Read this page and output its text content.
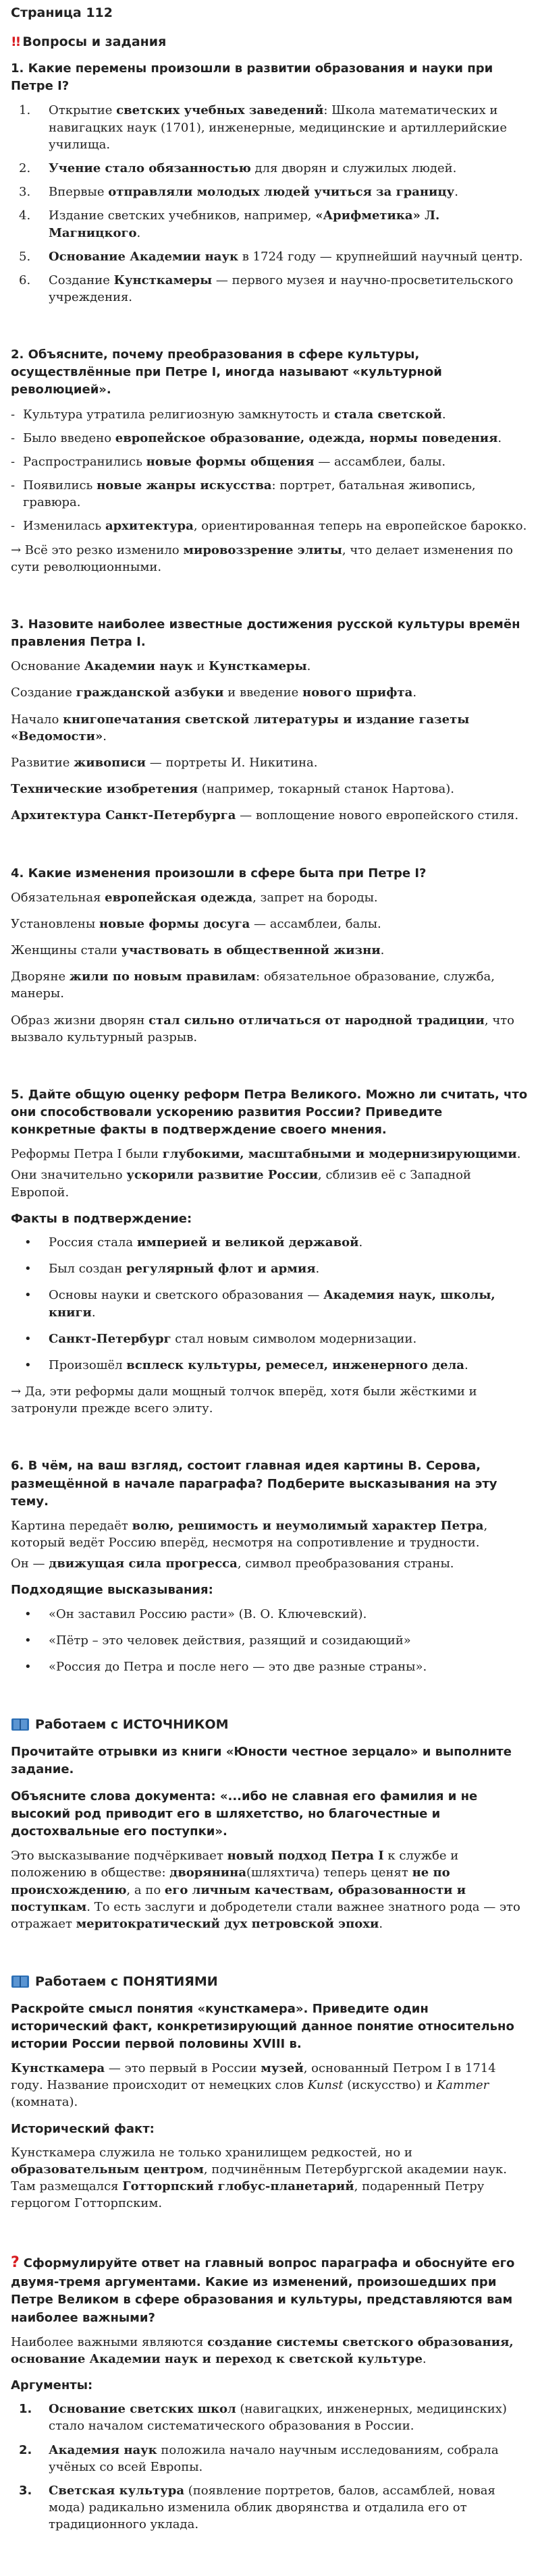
Страница 112
!! Вопросы и задания
1. Какие перемены произошли в развитии образования и науки при Петре I?
1.	Открытие светских учебных заведений: Школа математических и навигацких наук (1701), инженерные, медицинские и артиллерийские училища.
2.	Учение стало обязанностью для дворян и служилых людей.
3.	Впервые отправляли молодых людей учиться за границу.
4.	Издание светских учебников, например, «Арифметика» Л. Магницкого.
5.	Основание Академии наук в 1724 году — крупнейший научный центр.
6.	Создание Кунсткамеры — первого музея и научно-просветительского учреждения.
2. Объясните, почему преобразования в сфере культуры, осуществлённые при Петре I, иногда называют «культурной революцией».
- Культура утратила религиозную замкнутость и стала светской.
- Было введено европейское образование, одежда, нормы поведения.
- Распространились новые формы общения — ассамблеи, балы.
- Появились новые жанры искусства: портрет, батальная живопись, гравюра.
- Изменилась архитектура, ориентированная теперь на европейское барокко.

→ Всё это резко изменило мировоззрение элиты, что делает изменения по сути революционными.

3. Назовите наиболее известные достижения русской культуры времён правления Петра I.

Основание Академии наук и Кунсткамеры.

Создание гражданской азбуки и введение нового шрифта.

Начало книгопечатания светской литературы и издание газеты «Ведомости».

Развитие живописи — портреты И. Никитина.

Технические изобретения (например, токарный станок Нартова).

Архитектура Санкт-Петербурга — воплощение нового европейского стиля.

4. Какие изменения произошли в сфере быта при Петре I?

Обязательная европейская одежда, запрет на бороды.

Установлены новые формы досуга — ассамблеи, балы.

Женщины стали участвовать в общественной жизни.

Дворяне жили по новым правилам: обязательное образование, служба, манеры.

Образ жизни дворян стал сильно отличаться от народной традиции, что вызвало культурный разрыв.

5. Дайте общую оценку реформ Петра Великого. Можно ли считать, что они способствовали ускорению развития России? Приведите конкретные факты в подтверждение своего мнения.

Реформы Петра I были глубокими, масштабными и модернизирующими.

Они значительно ускорили развитие России, сблизив её с Западной Европой.

Факты в подтверждение:
•	Россия стала империей и великой державой.
•	Был создан регулярный флот и армия.
•	Основы науки и светского образования — Академия наук, школы, книги.
•	Санкт-Петербург стал новым символом модернизации.
•	Произошёл всплеск культуры, ремесел, инженерного дела.

→ Да, эти реформы дали мощный толчок вперёд, хотя были жёсткими и затронули прежде всего элиту.

6. В чём, на ваш взгляд, состоит главная идея картины В. Серова, размещённой в начале параграфа? Подберите высказывания на эту тему.

Картина передаёт волю, решимость и неумолимый характер Петра, который ведёт Россию вперёд, несмотря на сопротивление и трудности.

Он — движущая сила прогресса, символ преобразования страны.

Подходящие высказывания:
•	«Он заставил Россию расти» (В. О. Ключевский).
•	«Пётр – это человек действия, разящий и созидающий»
•	«Россия до Петра и после него — это две разные страны».
Работаем с ИСТОЧНИКОМ
Прочитайте отрывки из книги «Юности честное зерцало» и выполните задание.
Объясните слова документа: «...ибо не славная его фамилия и не высокий род приводит его в шляхетство, но благочестные и достохвальные его поступки».

Это высказывание подчёркивает новый подход Петра I к службе и положению в обществе: дворянина(шляхтича) теперь ценят не по происхождению, а по его личным качествам, образованности и поступкам. То есть заслуги и добродетели стали важнее знатного рода — это отражает меритократический дух петровской эпохи.

Работаем с ПОНЯТИЯМИ
Раскройте смысл понятия «кунсткамера». Приведите один исторический факт, конкретизирующий данное понятие относительно истории России первой половины XVIII в.

Кунсткамера — это первый в России музей, основанный Петром I в 1714 году. Название происходит от немецких слов Kunst (искусство) и Kammer (комната).

Исторический факт:

Кунсткамера служила не только хранилищем редкостей, но и образовательным центром, подчинённым Петербургской академии наук. Там размещался Готторпский глобус-планетарий, подаренный Петру герцогом Готторпским.

? Сформулируйте ответ на главный вопрос параграфа и обоснуйте его двумя-тремя аргументами. Какие из изменений, произошедших при Петре Великом в сфере образования и культуры, представляются вам наиболее важными?

Наиболее важными являются создание системы светского образования, основание Академии наук и переход к светской культуре.

Аргументы:
1.	Основание светских школ (навигацких, инженерных, медицинских) стало началом систематического образования в России.
2.	Академия наук положила начало научным исследованиям, собрала учёных со всей Европы.
3.	Светская культура (появление портретов, балов, ассамблей, новая мода) радикально изменила облик дворянства и отдалила его от традиционного уклада.
